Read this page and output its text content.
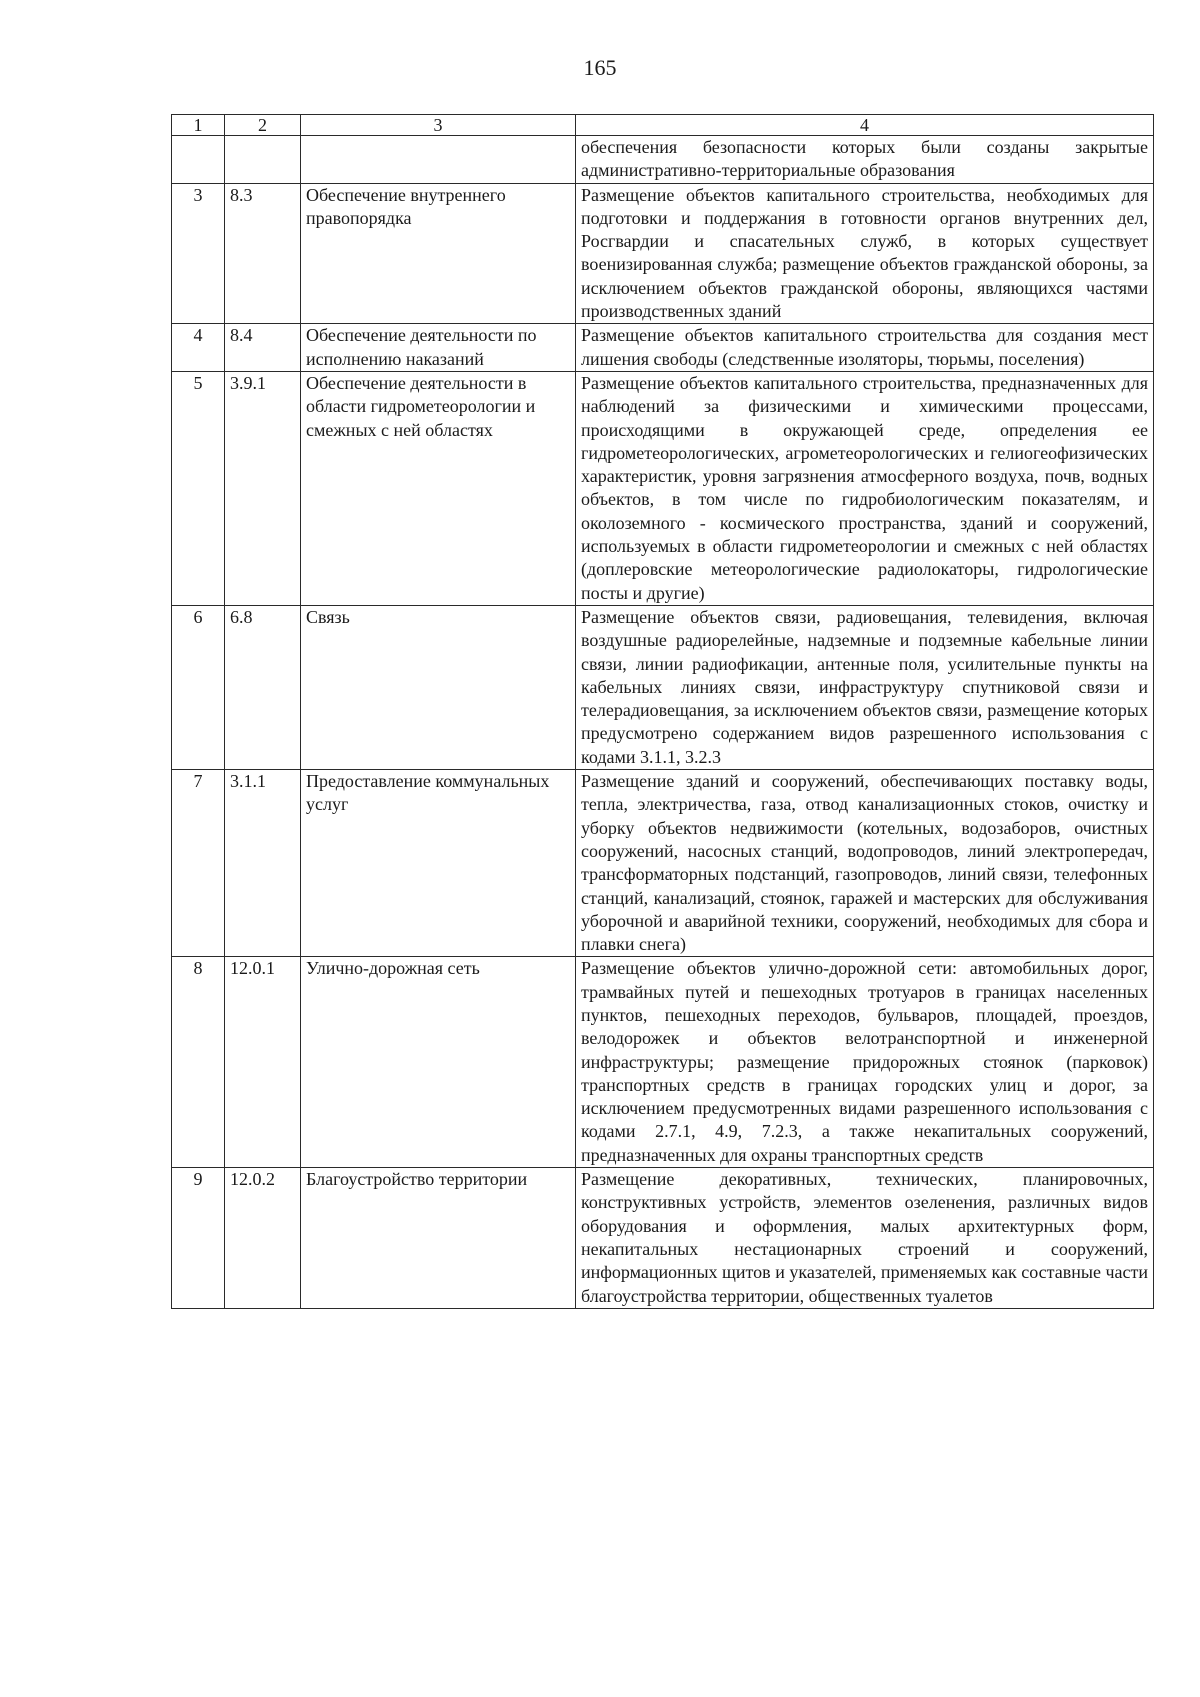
165
1	2	3	4
			обеспечения безопасности которых были созданы закрытые административно-территориальные образования
3	8.3	Обеспечение внутреннего правопорядка	Размещение объектов капитального строительства, необходимых для подготовки и поддержания в готовности органов внутренних дел, Росгвардии и спасательных служб, в которых существует военизированная служба; размещение объектов гражданской обороны, за исключением объектов гражданской обороны, являющихся частями производственных зданий
4	8.4	Обеспечение деятельности по исполнению наказаний	Размещение объектов капитального строительства для создания мест лишения свободы (следственные изоляторы, тюрьмы, поселения)
5	3.9.1	Обеспечение деятельности в области гидрометеорологии и смежных с ней областях	Размещение объектов капитального строительства, предназначенных для наблюдений за физическими и химическими процессами, происходящими в окружающей среде, определения ее гидрометеорологических, агрометеорологических и гелиогеофизических характеристик, уровня загрязнения атмосферного воздуха, почв, водных объектов, в том числе по гидробиологическим показателям, и околоземного - космического пространства, зданий и сооружений, используемых в области гидрометеорологии и смежных с ней областях (доплеровские метеорологические радиолокаторы, гидрологические посты и другие)
6	6.8	Связь	Размещение объектов связи, радиовещания, телевидения, включая воздушные радиорелейные, надземные и подземные кабельные линии связи, линии радиофикации, антенные поля, усилительные пункты на кабельных линиях связи, инфраструктуру спутниковой связи и телерадиовещания, за исключением объектов связи, размещение которых предусмотрено содержанием видов разрешенного использования с кодами 3.1.1, 3.2.3
7	3.1.1	Предоставление коммунальных услуг	Размещение зданий и сооружений, обеспечивающих поставку воды, тепла, электричества, газа, отвод канализационных стоков, очистку и уборку объектов недвижимости (котельных, водозаборов, очистных сооружений, насосных станций, водопроводов, линий электропередач, трансформаторных подстанций, газопроводов, линий связи, телефонных станций, канализаций, стоянок, гаражей и мастерских для обслуживания уборочной и аварийной техники, сооружений, необходимых для сбора и плавки снега)
8	12.0.1	Улично-дорожная сеть	Размещение объектов улично-дорожной сети: автомобильных дорог, трамвайных путей и пешеходных тротуаров в границах населенных пунктов, пешеходных переходов, бульваров, площадей, проездов, велодорожек и объектов велотранспортной и инженерной инфраструктуры; размещение придорожных стоянок (парковок) транспортных средств в границах городских улиц и дорог, за исключением предусмотренных видами разрешенного использования с кодами 2.7.1, 4.9, 7.2.3, а также некапитальных сооружений, предназначенных для охраны транспортных средств
9	12.0.2	Благоустройство территории	Размещение декоративных, технических, планировочных, конструктивных устройств, элементов озеленения, различных видов оборудования и оформления, малых архитектурных форм, некапитальных нестационарных строений и сооружений, информационных щитов и указателей, применяемых как составные части благоустройства территории, общественных туалетов
